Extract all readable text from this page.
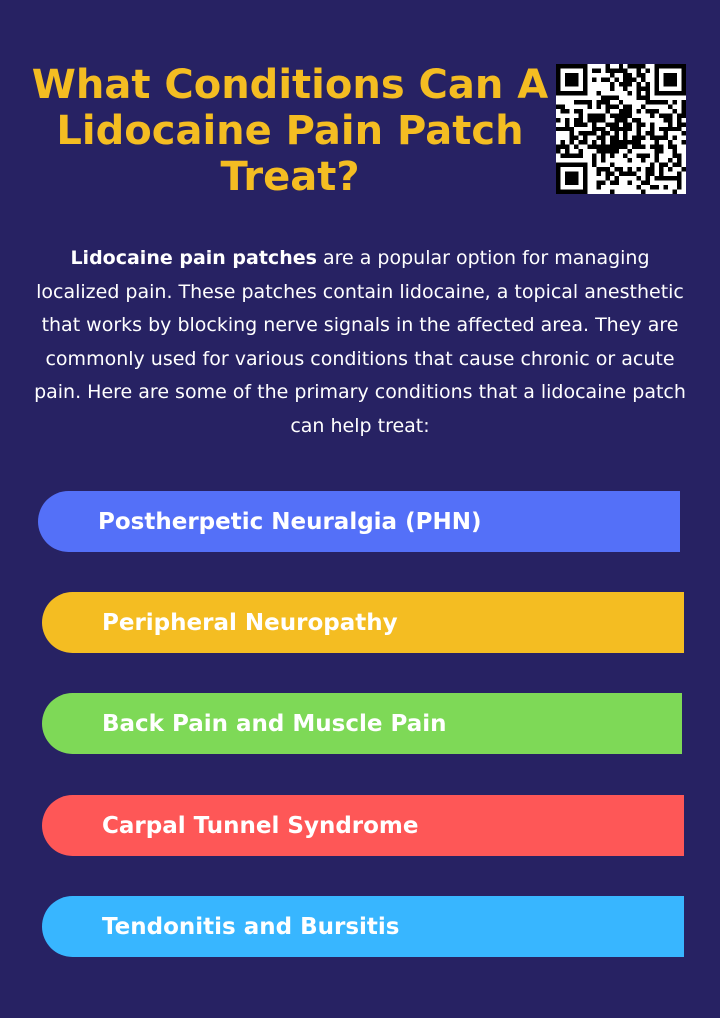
What Conditions Can A
Lidocaine Pain Patch
Treat?

Lidocaine pain patches are a popular option for managing localized pain. These patches contain lidocaine, a topical anesthetic that works by blocking nerve signals in the affected area. They are commonly used for various conditions that cause chronic or acute pain. Here are some of the primary conditions that a lidocaine patch can help treat:

Postherpetic Neuralgia (PHN)
Peripheral Neuropathy
Back Pain and Muscle Pain
Carpal Tunnel Syndrome
Tendonitis and Bursitis
